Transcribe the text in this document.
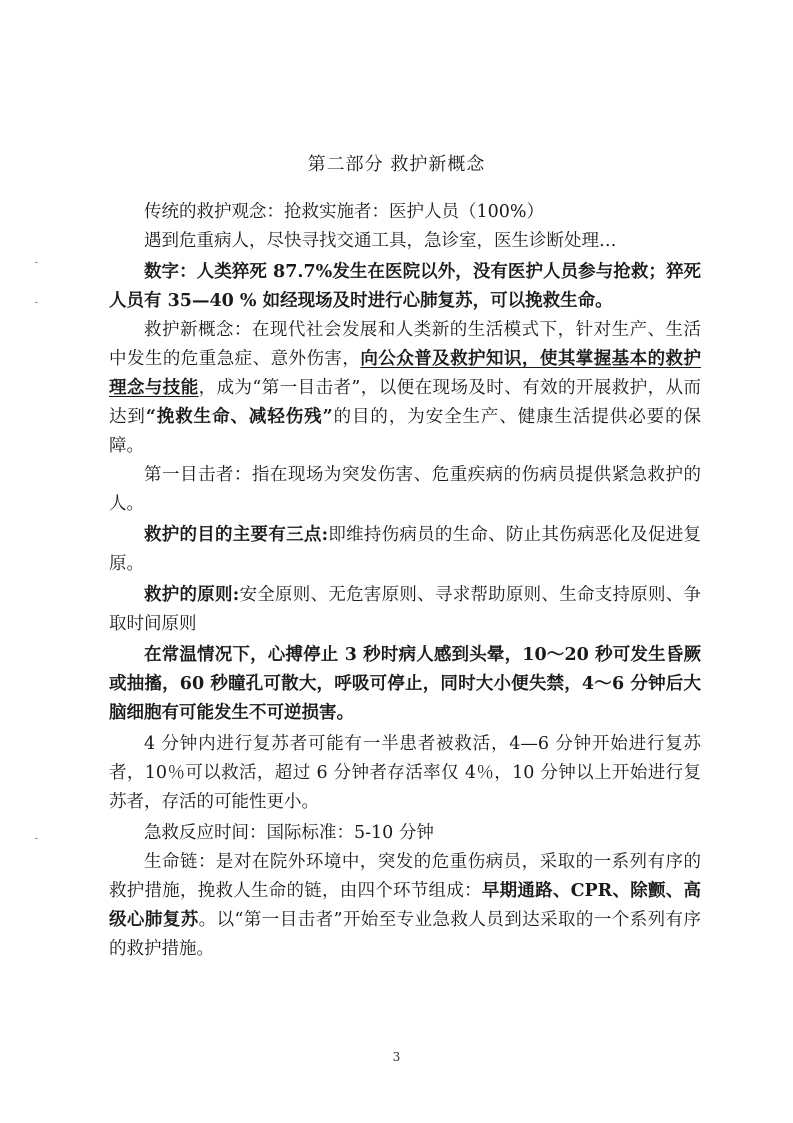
第二部分 救护新概念

传统的救护观念：抢救实施者：医护人员（100%）

遇到危重病人，尽快寻找交通工具，急诊室，医生诊断处理…

数字：人类猝死 87.7%发生在医院以外，没有医护人员参与抢救；猝死人员有 35—40 % 如经现场及时进行心肺复苏，可以挽救生命。

救护新概念：在现代社会发展和人类新的生活模式下，针对生产、生活中发生的危重急症、意外伤害，向公众普及救护知识，使其掌握基本的救护理念与技能，成为“第一目击者”，以便在现场及时、有效的开展救护，从而达到“挽救生命、减轻伤残”的目的，为安全生产、健康生活提供必要的保障。

第一目击者：指在现场为突发伤害、危重疾病的伤病员提供紧急救护的人。

救护的目的主要有三点:即维持伤病员的生命、防止其伤病恶化及促进复原。

救护的原则:安全原则、无危害原则、寻求帮助原则、生命支持原则、争取时间原则

在常温情况下，心搏停止 3 秒时病人感到头晕，10～20 秒可发生昏厥或抽搐，60 秒瞳孔可散大，呼吸可停止，同时大小便失禁，4～6 分钟后大脑细胞有可能发生不可逆损害。

4 分钟内进行复苏者可能有一半患者被救活，4—6 分钟开始进行复苏者，10％可以救活，超过 6 分钟者存活率仅 4％，10 分钟以上开始进行复苏者，存活的可能性更小。

急救反应时间：国际标准：5-10 分钟

生命链：是对在院外环境中，突发的危重伤病员，采取的一系列有序的救护措施，挽救人生命的链，由四个环节组成：早期通路、CPR、除颤、高级心肺复苏。以“第一目击者”开始至专业急救人员到达采取的一个系列有序的救护措施。

3
